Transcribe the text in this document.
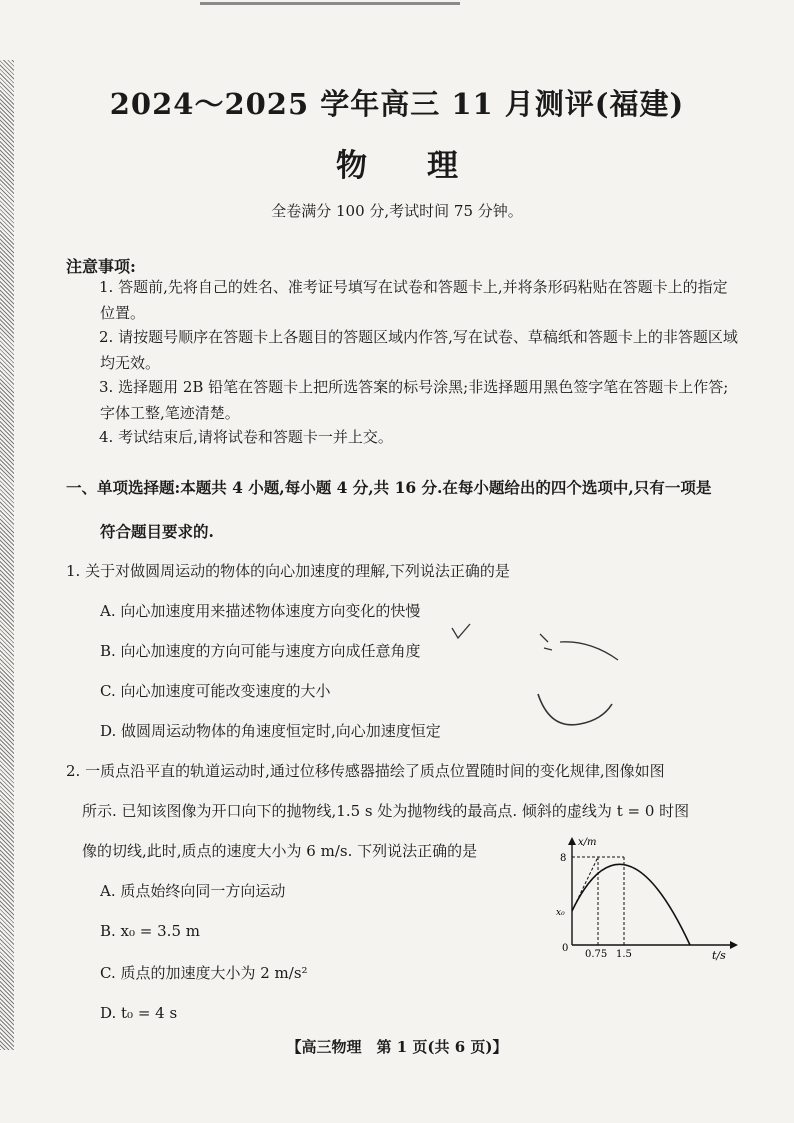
2024～2025 学年高三 11 月测评(福建)
物 理
全卷满分 100 分,考试时间 75 分钟。
注意事项:
1. 答题前,先将自己的姓名、准考证号填写在试卷和答题卡上,并将条形码粘贴在答题卡上的指定位置。
2. 请按题号顺序在答题卡上各题目的答题区域内作答,写在试卷、草稿纸和答题卡上的非答题区域均无效。
3. 选择题用 2B 铅笔在答题卡上把所选答案的标号涂黑;非选择题用黑色签字笔在答题卡上作答;字体工整,笔迹清楚。
4. 考试结束后,请将试卷和答题卡一并上交。
一、单项选择题:本题共 4 小题,每小题 4 分,共 16 分.在每小题给出的四个选项中,只有一项是
符合题目要求的.
1. 关于对做圆周运动的物体的向心加速度的理解,下列说法正确的是
A. 向心加速度用来描述物体速度方向变化的快慢
B. 向心加速度的方向可能与速度方向成任意角度
C. 向心加速度可能改变速度的大小
D. 做圆周运动物体的角速度恒定时,向心加速度恒定
2. 一质点沿平直的轨道运动时,通过位移传感器描绘了质点位置随时间的变化规律,图像如图
所示. 已知该图像为开口向下的抛物线,1.5 s 处为抛物线的最高点. 倾斜的虚线为 t = 0 时图
像的切线,此时,质点的速度大小为 6 m/s. 下列说法正确的是
A. 质点始终向同一方向运动
B. x₀ = 3.5 m
C. 质点的加速度大小为 2 m/s²
D. t₀ = 4 s
x/m
8
x₀
0
0.75 1.5	t/s
【高三物理　第 1 页(共 6 页)】
